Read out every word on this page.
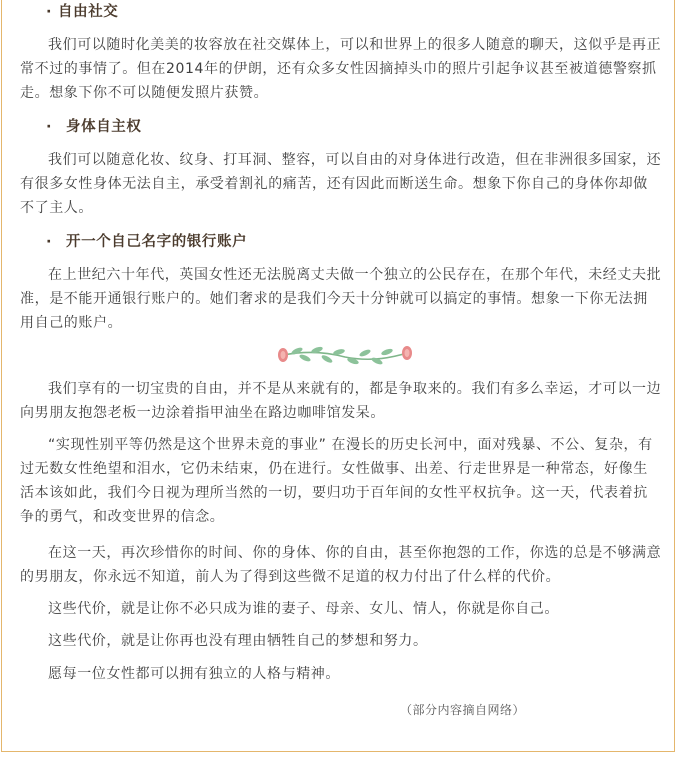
· 自由社交

我们可以随时化美美的妆容放在社交媒体上，可以和世界上的很多人随意的聊天，这似乎是再正常不过的事情了。但在2014年的伊朗，还有众多女性因摘掉头巾的照片引起争议甚至被道德警察抓走。想象下你不可以随便发照片获赞。

· 身体自主权

我们可以随意化妆、纹身、打耳洞、整容，可以自由的对身体进行改造，但在非洲很多国家，还有很多女性身体无法自主，承受着割礼的痛苦，还有因此而断送生命。想象下你自己的身体你却做不了主人。

· 开一个自己名字的银行账户

在上世纪六十年代，英国女性还无法脱离丈夫做一个独立的公民存在，在那个年代，未经丈夫批准，是不能开通银行账户的。她们奢求的是我们今天十分钟就可以搞定的事情。想象一下你无法拥用自己的账户。

我们享有的一切宝贵的自由，并不是从来就有的，都是争取来的。我们有多么幸运，才可以一边向男朋友抱怨老板一边涂着指甲油坐在路边咖啡馆发呆。

“实现性别平等仍然是这个世界未竟的事业” 在漫长的历史长河中，面对残暴、不公、复杂，有过无数女性绝望和泪水，它仍未结束，仍在进行。女性做事、出差、行走世界是一种常态，好像生活本该如此，我们今日视为理所当然的一切，要归功于百年间的女性平权抗争。这一天，代表着抗争的勇气，和改变世界的信念。

在这一天，再次珍惜你的时间、你的身体、你的自由，甚至你抱怨的工作，你选的总是不够满意的男朋友，你永远不知道，前人为了得到这些微不足道的权力付出了什么样的代价。

这些代价，就是让你不必只成为谁的妻子、母亲、女儿、情人，你就是你自己。

这些代价，就是让你再也没有理由牺牲自己的梦想和努力。

愿每一位女性都可以拥有独立的人格与精神。

（部分内容摘自网络）
